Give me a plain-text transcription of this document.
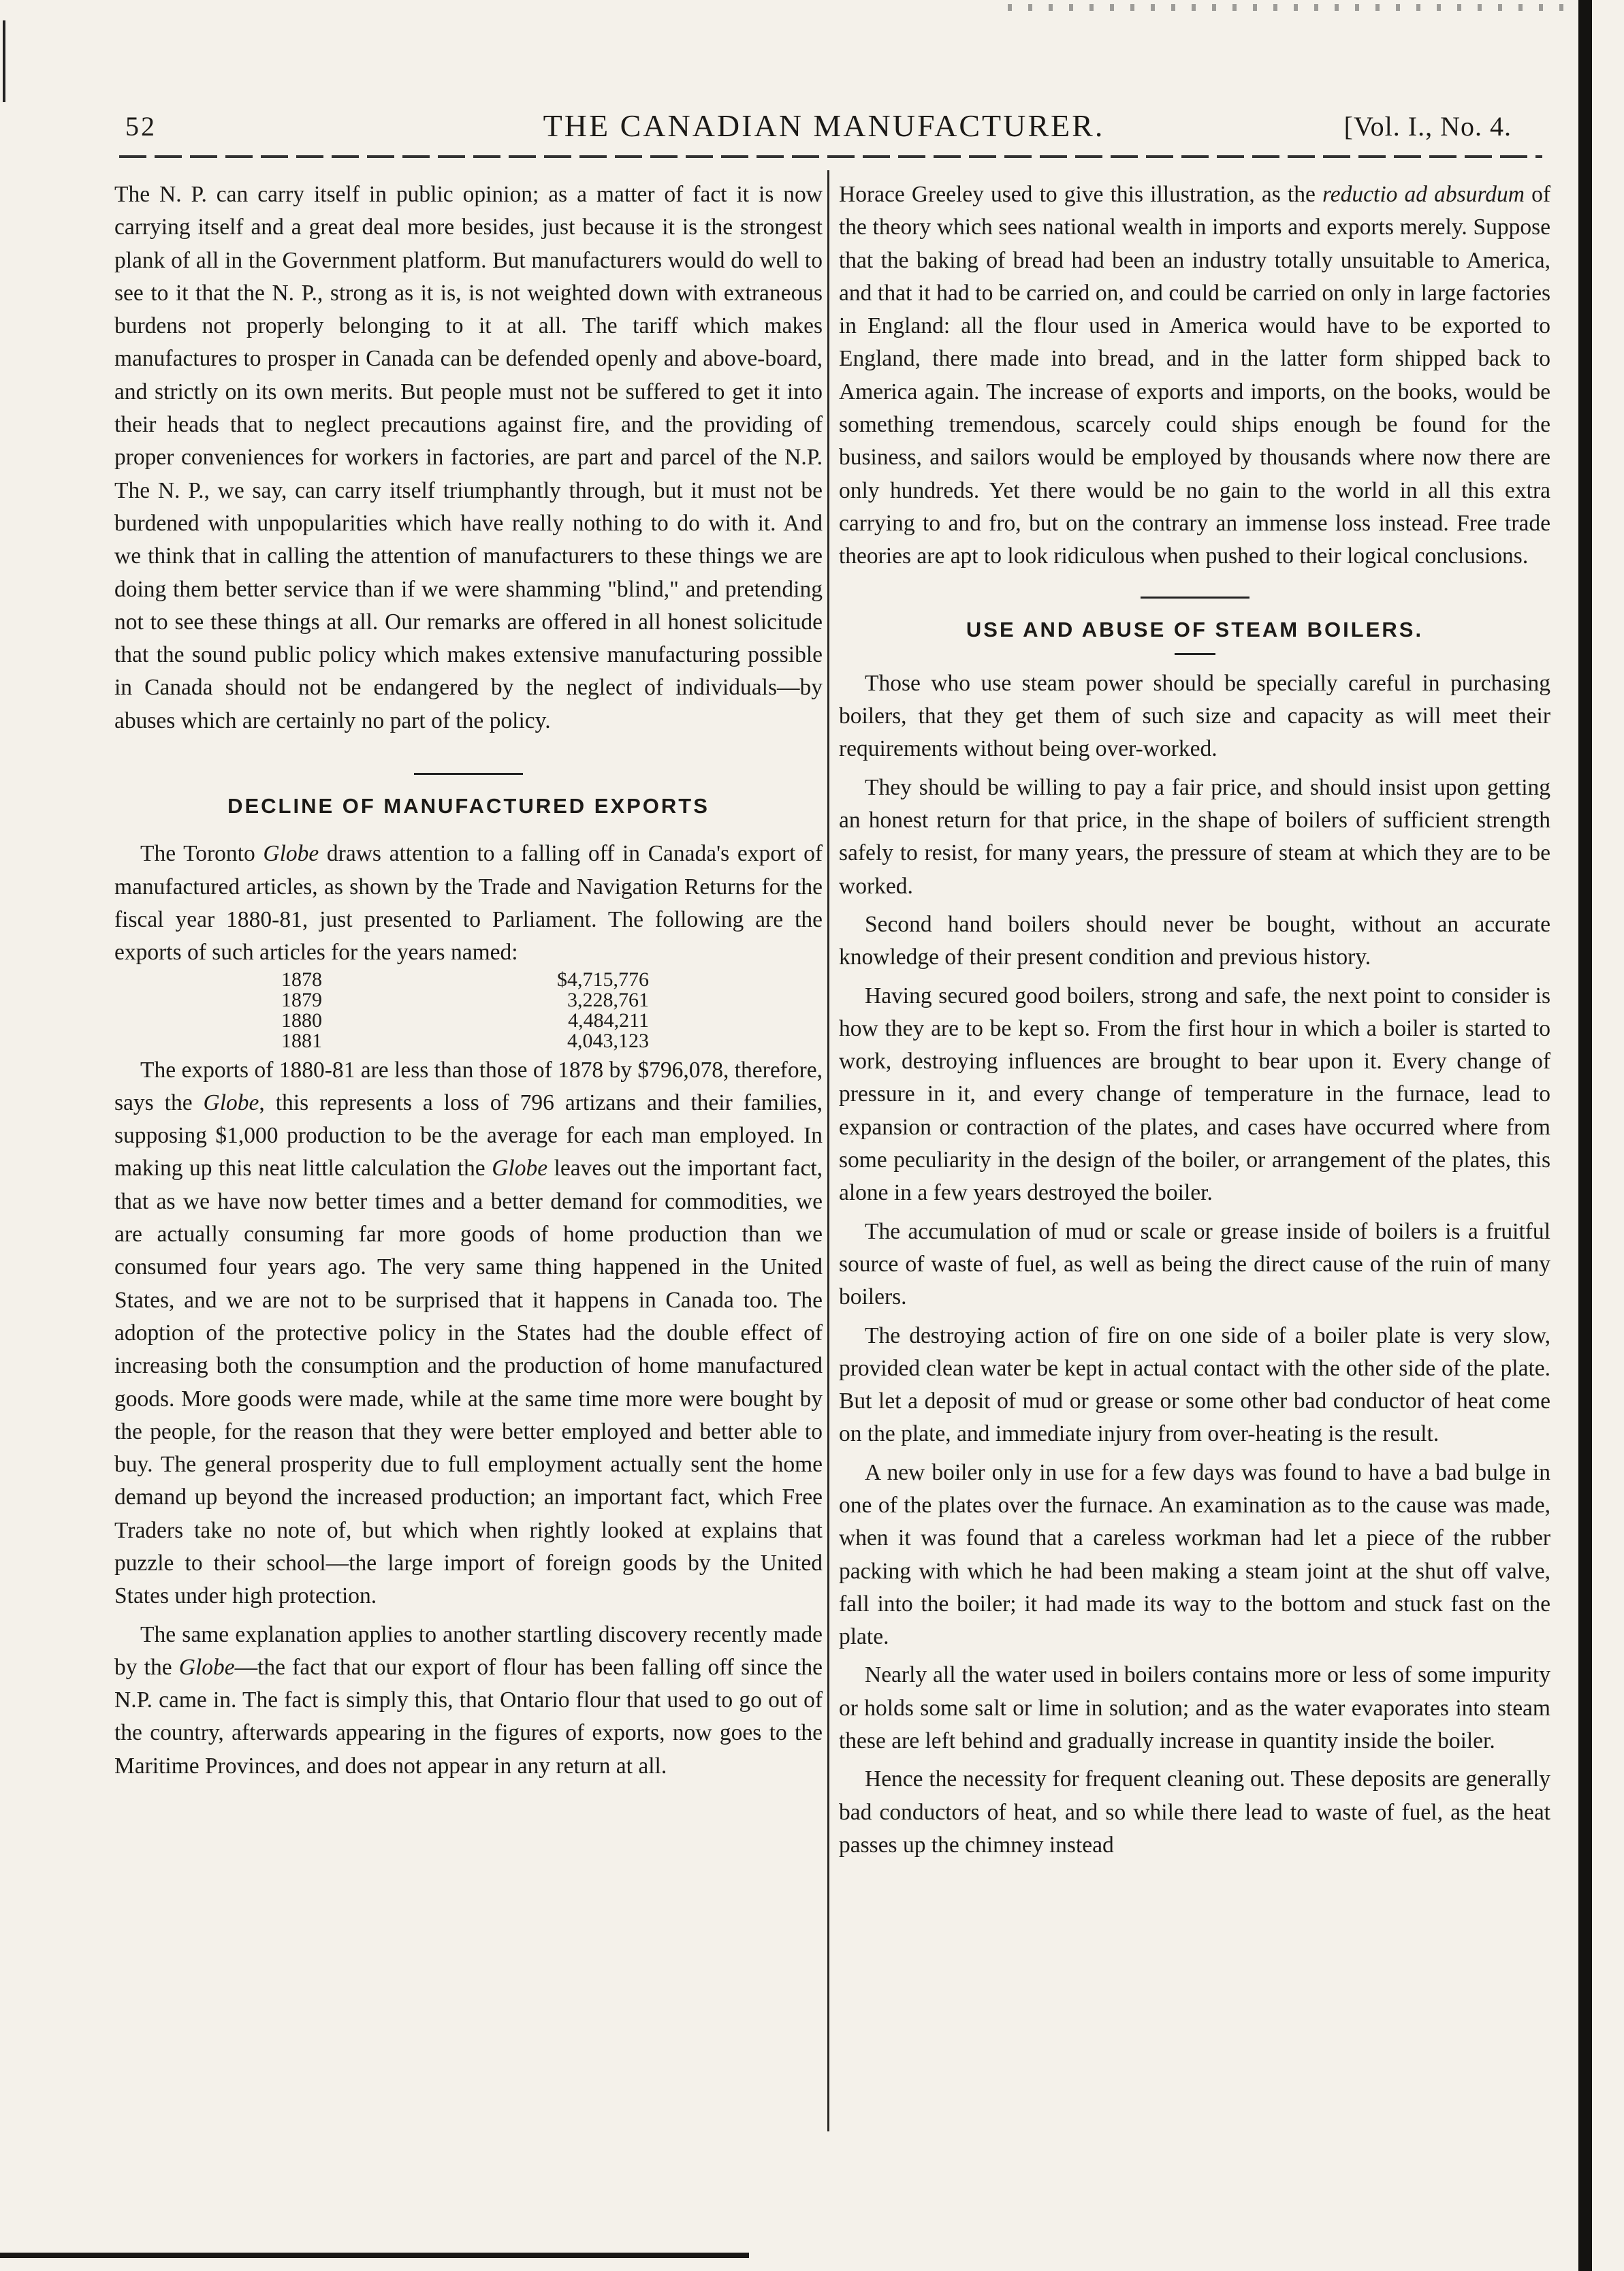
52	THE CANADIAN MANUFACTURER.	[Vol. I., No. 4.

The N. P. can carry itself in public opinion; as a matter of fact it is now carrying itself and a great deal more besides, just because it is the strongest plank of all in the Government platform. But manufacturers would do well to see to it that the N. P., strong as it is, is not weighted down with extraneous burdens not properly belonging to it at all. The tariff which makes manufactures to prosper in Canada can be defended openly and above-board, and strictly on its own merits. But people must not be suffered to get it into their heads that to neglect precautions against fire, and the providing of proper conveniences for workers in factories, are part and parcel of the N.P. The N. P., we say, can carry itself triumphantly through, but it must not be burdened with unpopularities which have really nothing to do with it. And we think that in calling the attention of manufacturers to these things we are doing them better service than if we were shamming "blind," and pretending not to see these things at all. Our remarks are offered in all honest solicitude that the sound public policy which makes extensive manufacturing possible in Canada should not be endangered by the neglect of individuals—by abuses which are certainly no part of the policy.

DECLINE OF MANUFACTURED EXPORTS

The Toronto Globe draws attention to a falling off in Canada's export of manufactured articles, as shown by the Trade and Navigation Returns for the fiscal year 1880-81, just presented to Parliament. The following are the exports of such articles for the years named:

1878	$4,715,776
1879	3,228,761
1880	4,484,211
1881	4,043,123

The exports of 1880-81 are less than those of 1878 by $796,078, therefore, says the Globe, this represents a loss of 796 artizans and their families, supposing $1,000 production to be the average for each man employed. In making up this neat little calculation the Globe leaves out the important fact, that as we have now better times and a better demand for commodities, we are actually consuming far more goods of home production than we consumed four years ago. The very same thing happened in the United States, and we are not to be surprised that it happens in Canada too. The adoption of the protective policy in the States had the double effect of increasing both the consumption and the production of home manufactured goods. More goods were made, while at the same time more were bought by the people, for the reason that they were better employed and better able to buy. The general prosperity due to full employment actually sent the home demand up beyond the increased production; an important fact, which Free Traders take no note of, but which when rightly looked at explains that puzzle to their school—the large import of foreign goods by the United States under high protection.

The same explanation applies to another startling discovery recently made by the Globe—the fact that our export of flour has been falling off since the N.P. came in. The fact is simply this, that Ontario flour that used to go out of the country, afterwards appearing in the figures of exports, now goes to the Maritime Provinces, and does not appear in any return at all.

Horace Greeley used to give this illustration, as the reductio ad absurdum of the theory which sees national wealth in imports and exports merely. Suppose that the baking of bread had been an industry totally unsuitable to America, and that it had to be carried on, and could be carried on only in large factories in England: all the flour used in America would have to be exported to England, there made into bread, and in the latter form shipped back to America again. The increase of exports and imports, on the books, would be something tremendous, scarcely could ships enough be found for the business, and sailors would be employed by thousands where now there are only hundreds. Yet there would be no gain to the world in all this extra carrying to and fro, but on the contrary an immense loss instead. Free trade theories are apt to look ridiculous when pushed to their logical conclusions.

USE AND ABUSE OF STEAM BOILERS.

Those who use steam power should be specially careful in purchasing boilers, that they get them of such size and capacity as will meet their requirements without being over-worked.

They should be willing to pay a fair price, and should insist upon getting an honest return for that price, in the shape of boilers of sufficient strength safely to resist, for many years, the pressure of steam at which they are to be worked.

Second hand boilers should never be bought, without an accurate knowledge of their present condition and previous history.

Having secured good boilers, strong and safe, the next point to consider is how they are to be kept so. From the first hour in which a boiler is started to work, destroying influences are brought to bear upon it. Every change of pressure in it, and every change of temperature in the furnace, lead to expansion or contraction of the plates, and cases have occurred where from some peculiarity in the design of the boiler, or arrangement of the plates, this alone in a few years destroyed the boiler.

The accumulation of mud or scale or grease inside of boilers is a fruitful source of waste of fuel, as well as being the direct cause of the ruin of many boilers.

The destroying action of fire on one side of a boiler plate is very slow, provided clean water be kept in actual contact with the other side of the plate. But let a deposit of mud or grease or some other bad conductor of heat come on the plate, and immediate injury from over-heating is the result.

A new boiler only in use for a few days was found to have a bad bulge in one of the plates over the furnace. An examination as to the cause was made, when it was found that a careless workman had let a piece of the rubber packing with which he had been making a steam joint at the shut off valve, fall into the boiler; it had made its way to the bottom and stuck fast on the plate.

Nearly all the water used in boilers contains more or less of some impurity or holds some salt or lime in solution; and as the water evaporates into steam these are left behind and gradually increase in quantity inside the boiler.

Hence the necessity for frequent cleaning out. These deposits are generally bad conductors of heat, and so while there lead to waste of fuel, as the heat passes up the chimney instead
